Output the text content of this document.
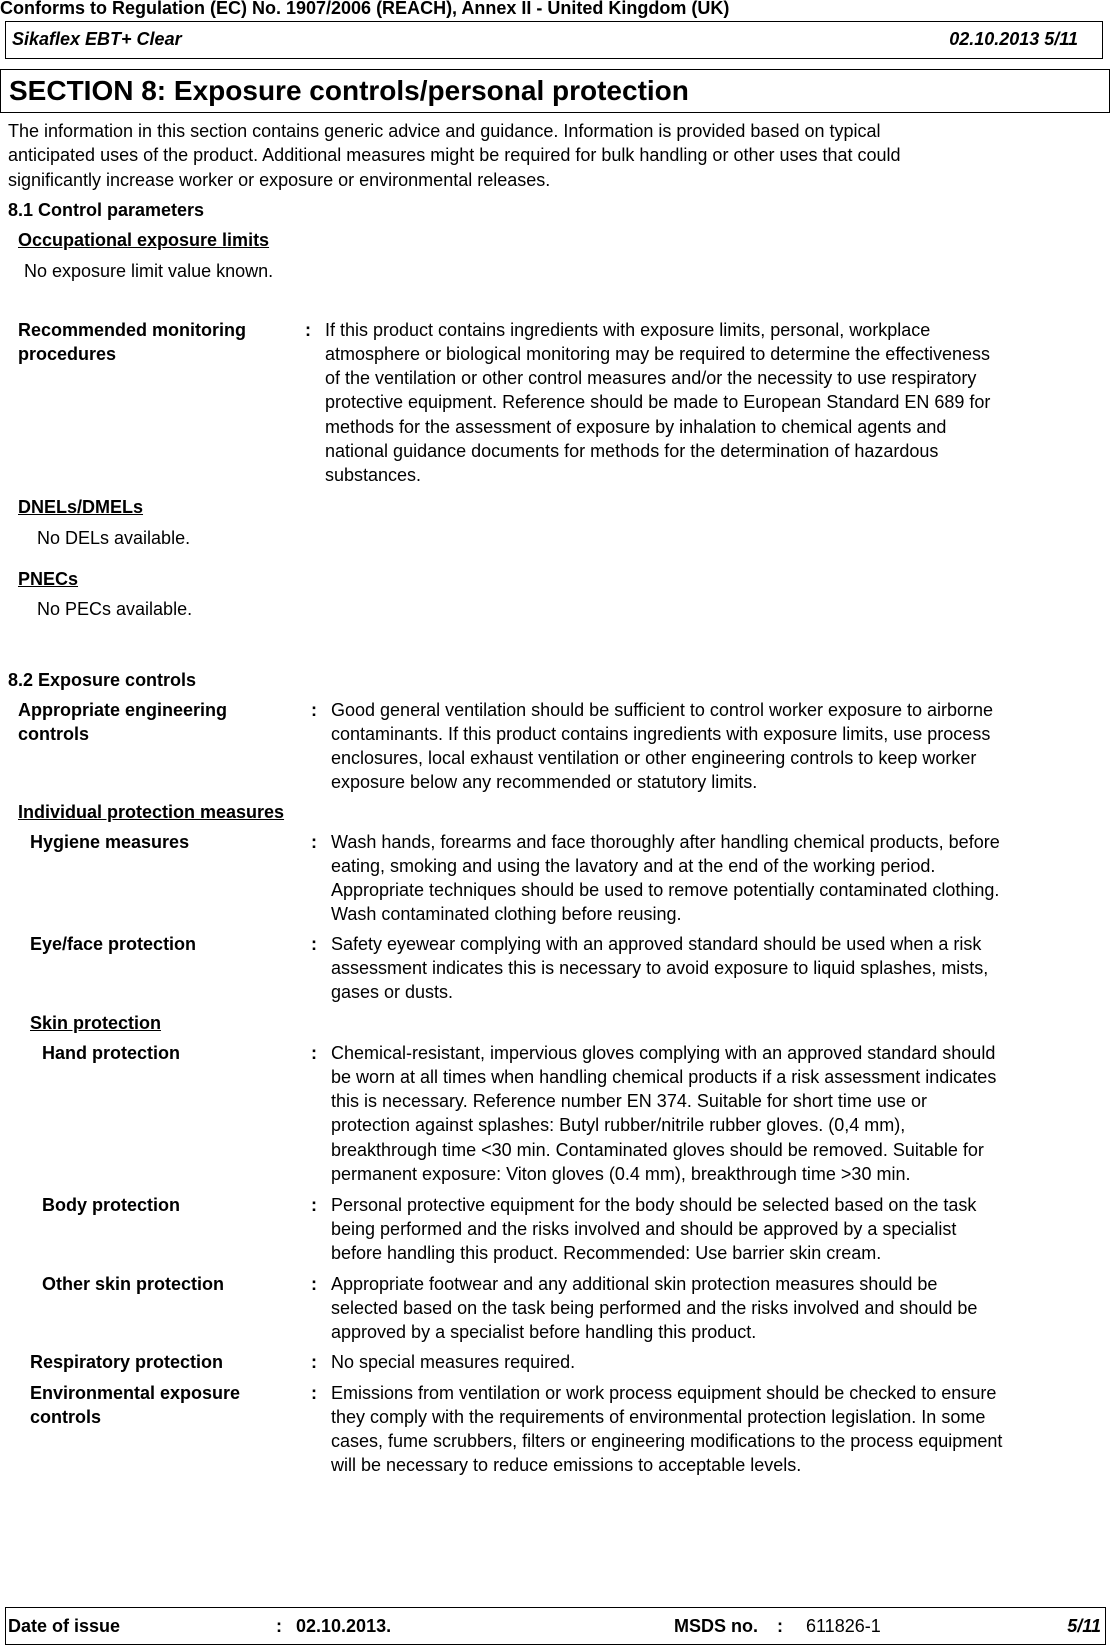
Conforms to Regulation (EC) No. 1907/2006 (REACH), Annex II - United Kingdom (UK)
Sikaflex EBT+ Clear	02.10.2013 5/11
SECTION 8: Exposure controls/personal protection
The information in this section contains generic advice and guidance. Information is provided based on typical
anticipated uses of the product. Additional measures might be required for bulk handling or other uses that could
significantly increase worker or exposure or environmental releases.
8.1 Control parameters
Occupational exposure limits
No exposure limit value known.
Recommended monitoring
procedures
: If this product contains ingredients with exposure limits, personal, workplace
atmosphere or biological monitoring may be required to determine the effectiveness
of the ventilation or other control measures and/or the necessity to use respiratory
protective equipment. Reference should be made to European Standard EN 689 for
methods for the assessment of exposure by inhalation to chemical agents and
national guidance documents for methods for the determination of hazardous
substances.
DNELs/DMELs
No DELs available.
PNECs
No PECs available.
8.2 Exposure controls
Appropriate engineering
controls
: Good general ventilation should be sufficient to control worker exposure to airborne
contaminants. If this product contains ingredients with exposure limits, use process
enclosures, local exhaust ventilation or other engineering controls to keep worker
exposure below any recommended or statutory limits.
Individual protection measures
Hygiene measures	: Wash hands, forearms and face thoroughly after handling chemical products, before
eating, smoking and using the lavatory and at the end of the working period.
Appropriate techniques should be used to remove potentially contaminated clothing.
Wash contaminated clothing before reusing.
Eye/face protection	: Safety eyewear complying with an approved standard should be used when a risk
assessment indicates this is necessary to avoid exposure to liquid splashes, mists,
gases or dusts.
Skin protection
Hand protection	: Chemical-resistant, impervious gloves complying with an approved standard should
be worn at all times when handling chemical products if a risk assessment indicates
this is necessary. Reference number EN 374. Suitable for short time use or
protection against splashes: Butyl rubber/nitrile rubber gloves. (0,4 mm),
breakthrough time <30 min. Contaminated gloves should be removed. Suitable for
permanent exposure: Viton gloves (0.4 mm), breakthrough time >30 min.
Body protection	: Personal protective equipment for the body should be selected based on the task
being performed and the risks involved and should be approved by a specialist
before handling this product. Recommended: Use barrier skin cream.
Other skin protection	: Appropriate footwear and any additional skin protection measures should be
selected based on the task being performed and the risks involved and should be
approved by a specialist before handling this product.
Respiratory protection	: No special measures required.
Environmental exposure
controls
: Emissions from ventilation or work process equipment should be checked to ensure
they comply with the requirements of environmental protection legislation. In some
cases, fume scrubbers, filters or engineering modifications to the process equipment
will be necessary to reduce emissions to acceptable levels.
Date of issue	: 02.10.2013.	MSDS no. : 611826-1	5/11
